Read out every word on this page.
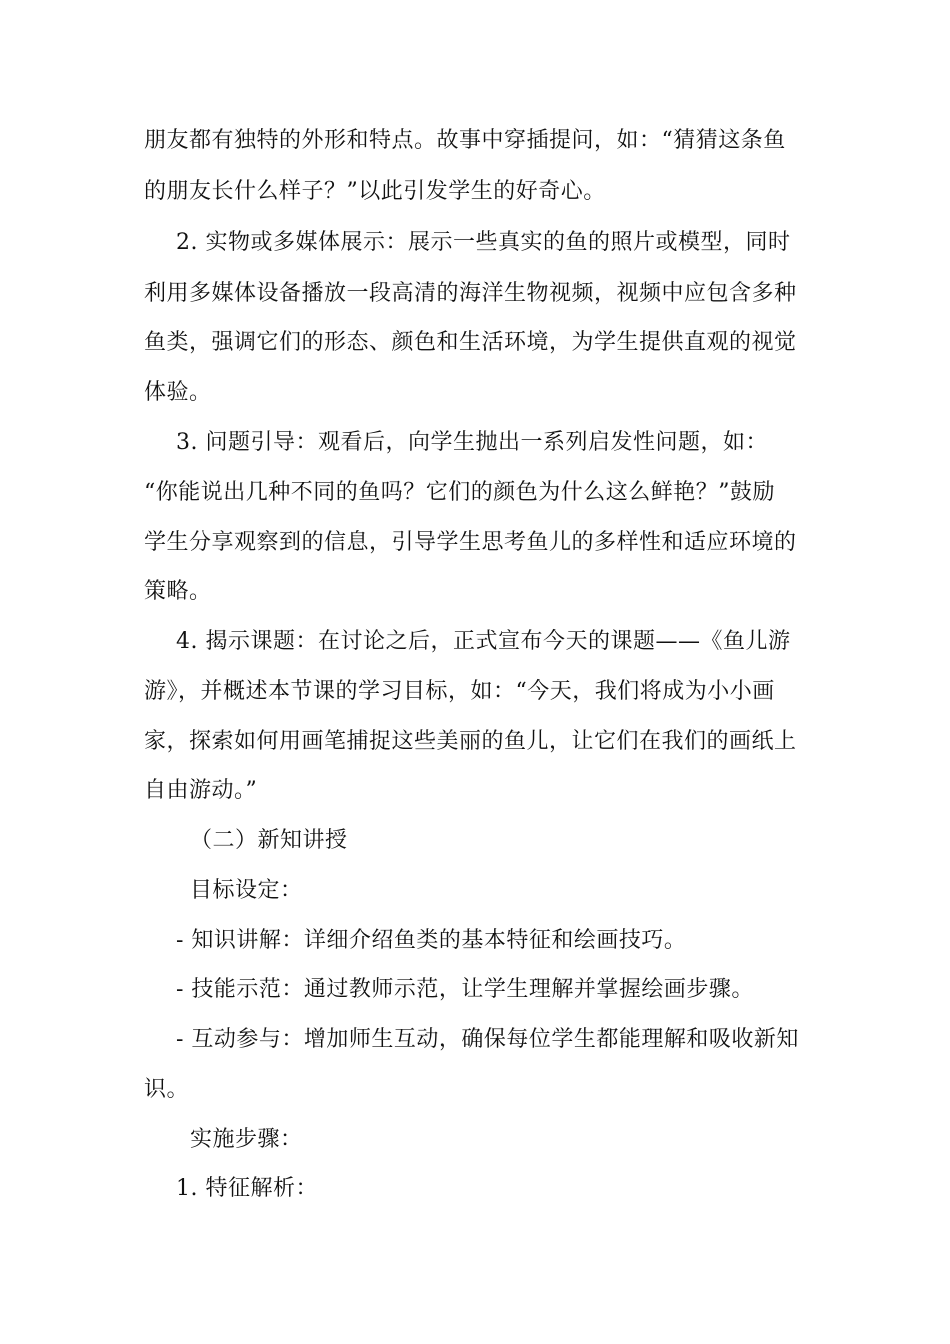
朋友都有独特的外形和特点。故事中穿插提问，如：“猜猜这条鱼
的朋友长什么样子？”以此引发学生的好奇心。
2. 实物或多媒体展示：展示一些真实的鱼的照片或模型，同时
利用多媒体设备播放一段高清的海洋生物视频，视频中应包含多种
鱼类，强调它们的形态、颜色和生活环境，为学生提供直观的视觉
体验。
3. 问题引导：观看后，向学生抛出一系列启发性问题，如：
“你能说出几种不同的鱼吗？它们的颜色为什么这么鲜艳？”鼓励
学生分享观察到的信息，引导学生思考鱼儿的多样性和适应环境的
策略。
4. 揭示课题：在讨论之后，正式宣布今天的课题——《鱼儿游
游》，并概述本节课的学习目标，如：“今天，我们将成为小小画
家，探索如何用画笔捕捉这些美丽的鱼儿，让它们在我们的画纸上
自由游动。”
（二）新知讲授
目标设定：
- 知识讲解：详细介绍鱼类的基本特征和绘画技巧。
- 技能示范：通过教师示范，让学生理解并掌握绘画步骤。
- 互动参与：增加师生互动，确保每位学生都能理解和吸收新知
识。
实施步骤：
1. 特征解析：
